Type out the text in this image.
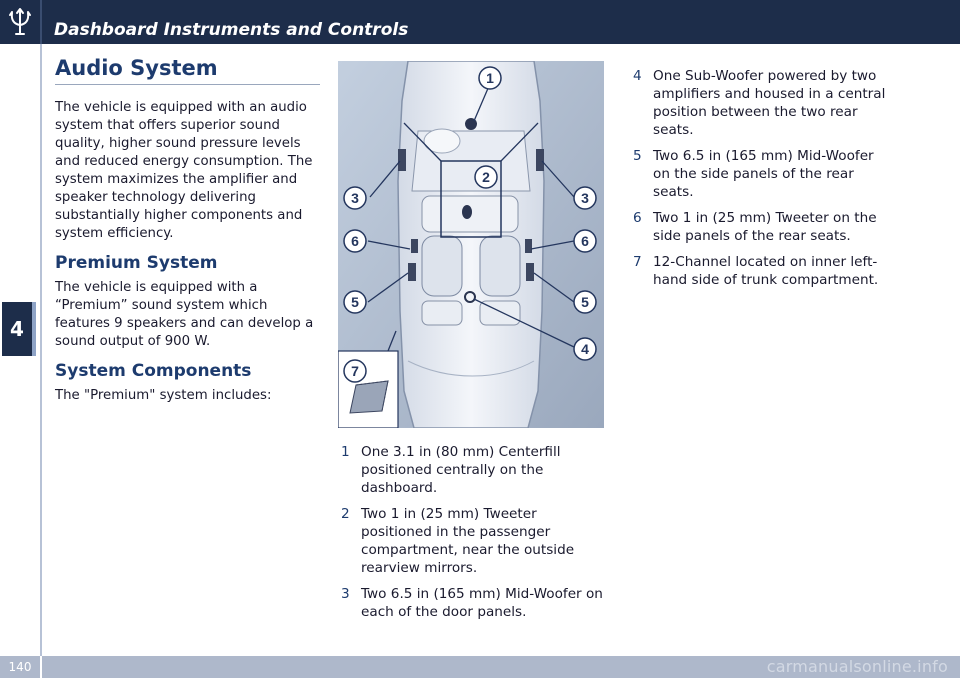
Dashboard Instruments and Controls
4
Audio System

The vehicle is equipped with an audio system that offers superior sound quality, higher sound pressure levels and reduced energy consumption. The system maximizes the amplifier and speaker technology delivering substantially higher components and system efficiency.

Premium System

The vehicle is equipped with a “Premium” sound system which features 9 speakers and can develop a sound output of 900 W.

System Components

The "Premium" system includes:

1
2
3	3
6	6
5	5
4
7
1 One 3.1 in (80 mm) Centerfill positioned centrally on the dashboard.
2 Two 1 in (25 mm) Tweeter positioned in the passenger compartment, near the outside rearview mirrors.
3 Two 6.5 in (165 mm) Mid-Woofer on each of the door panels.
4 One Sub-Woofer powered by two amplifiers and housed in a central position between the two rear seats.
5 Two 6.5 in (165 mm) Mid-Woofer on the side panels of the rear seats.
6 Two 1 in (25 mm) Tweeter on the side panels of the rear seats.
7 12-Channel located on inner left-hand side of trunk compartment.
140	carmanualsonline.info
